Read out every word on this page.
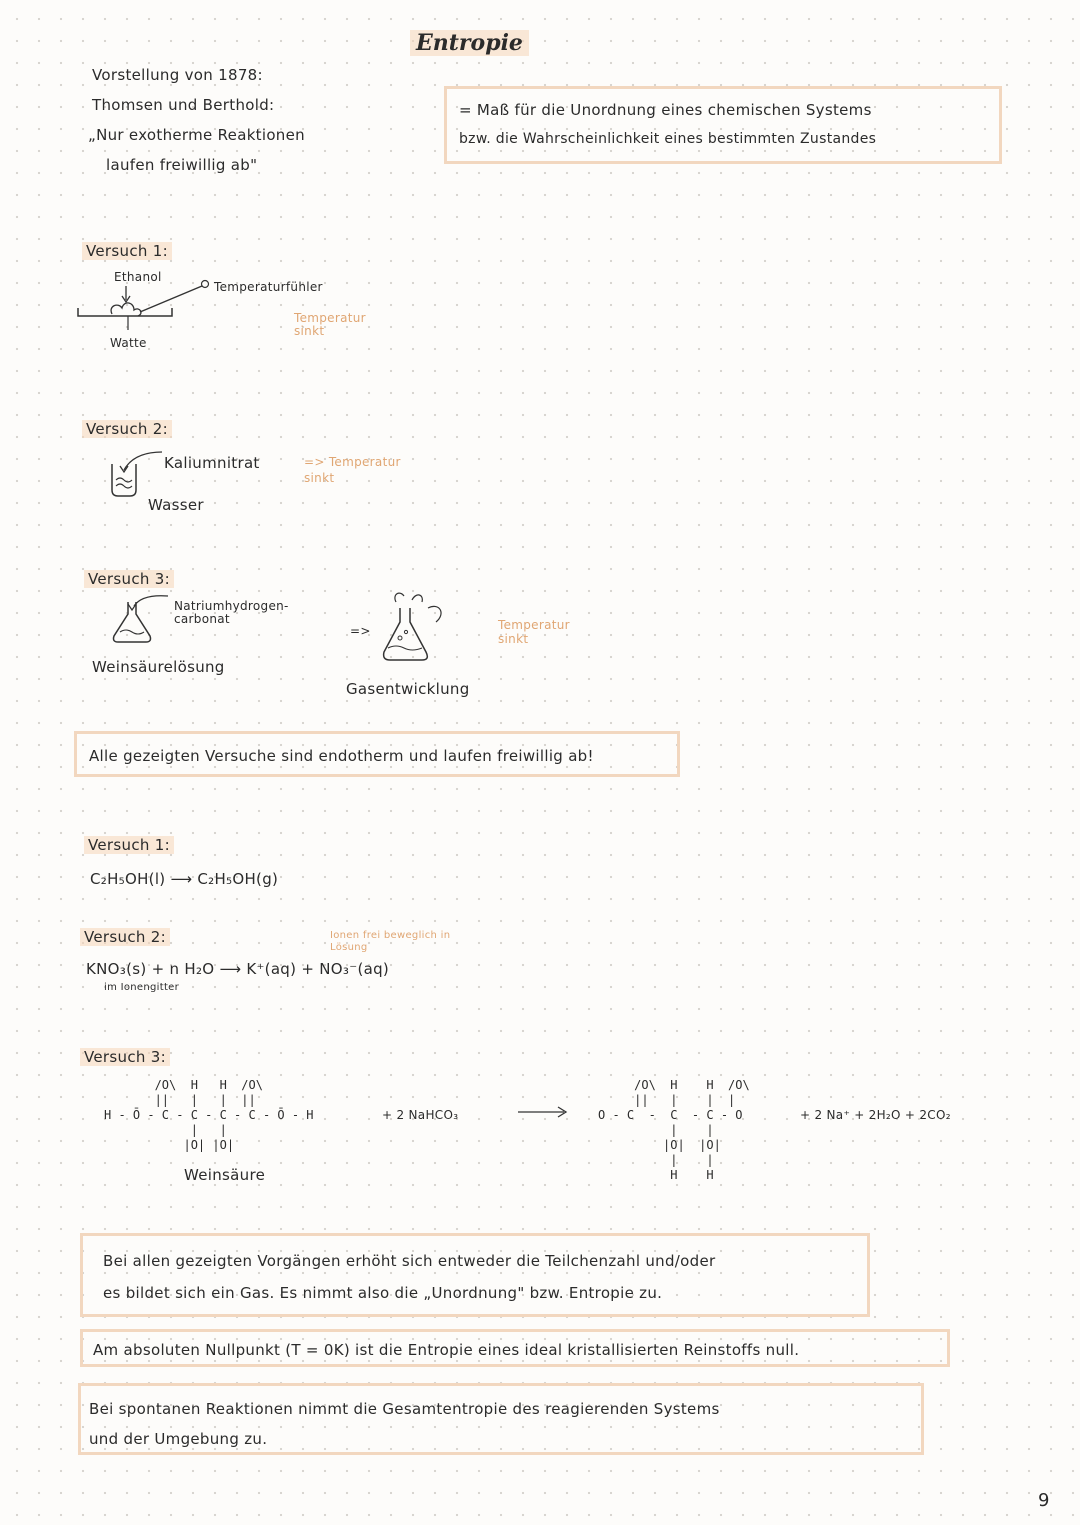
Entropie
Vorstellung von 1878:
Thomsen und Berthold:
„Nur exotherme Reaktionen
laufen freiwillig ab"
= Maß für die Unordnung eines chemischen Systems
bzw. die Wahrscheinlichkeit eines bestimmten Zustandes
Versuch 1:
Ethanol
Temperaturfühler
Watte
Temperatur sinkt
Versuch 2:
Kaliumnitrat
Wasser
=> Temperatur sinkt
Versuch 3:
Natriumhydrogen-carbonat
Weinsäurelösung
=>
Gasentwicklung
Temperatur sinkt
Alle gezeigten Versuche sind endotherm und laufen freiwillig ab!
Versuch 1:
C₂H₅OH(l) ⟶ C₂H₅OH(g)
Versuch 2:	Ionen frei beweglich in Lösung
KNO₃(s) + n H₂O ⟶ K⁺(aq) + NO₃⁻(aq)
im Ionengitter
Versuch 3:
/O\  H   H  /O\
||   |   |  ||
H - Ō - C - C - C - C - Ō - H
|   |
|O| |O|
+ 2 NaHCO₃
Weinsäure
/O\  H    H  /O\
||   |    |  |
O - C  -  C  - C - O
|    |
|O|  |O|
|    |
H    H
+ 2 Na⁺ + 2H₂O + 2CO₂
Bei allen gezeigten Vorgängen erhöht sich entweder die Teilchenzahl und/oder
es bildet sich ein Gas. Es nimmt also die „Unordnung" bzw. Entropie zu.
Am absoluten Nullpunkt (T = 0K) ist die Entropie eines ideal kristallisierten Reinstoffs null.
Bei spontanen Reaktionen nimmt die Gesamtentropie des reagierenden Systems
und der Umgebung zu.
9
